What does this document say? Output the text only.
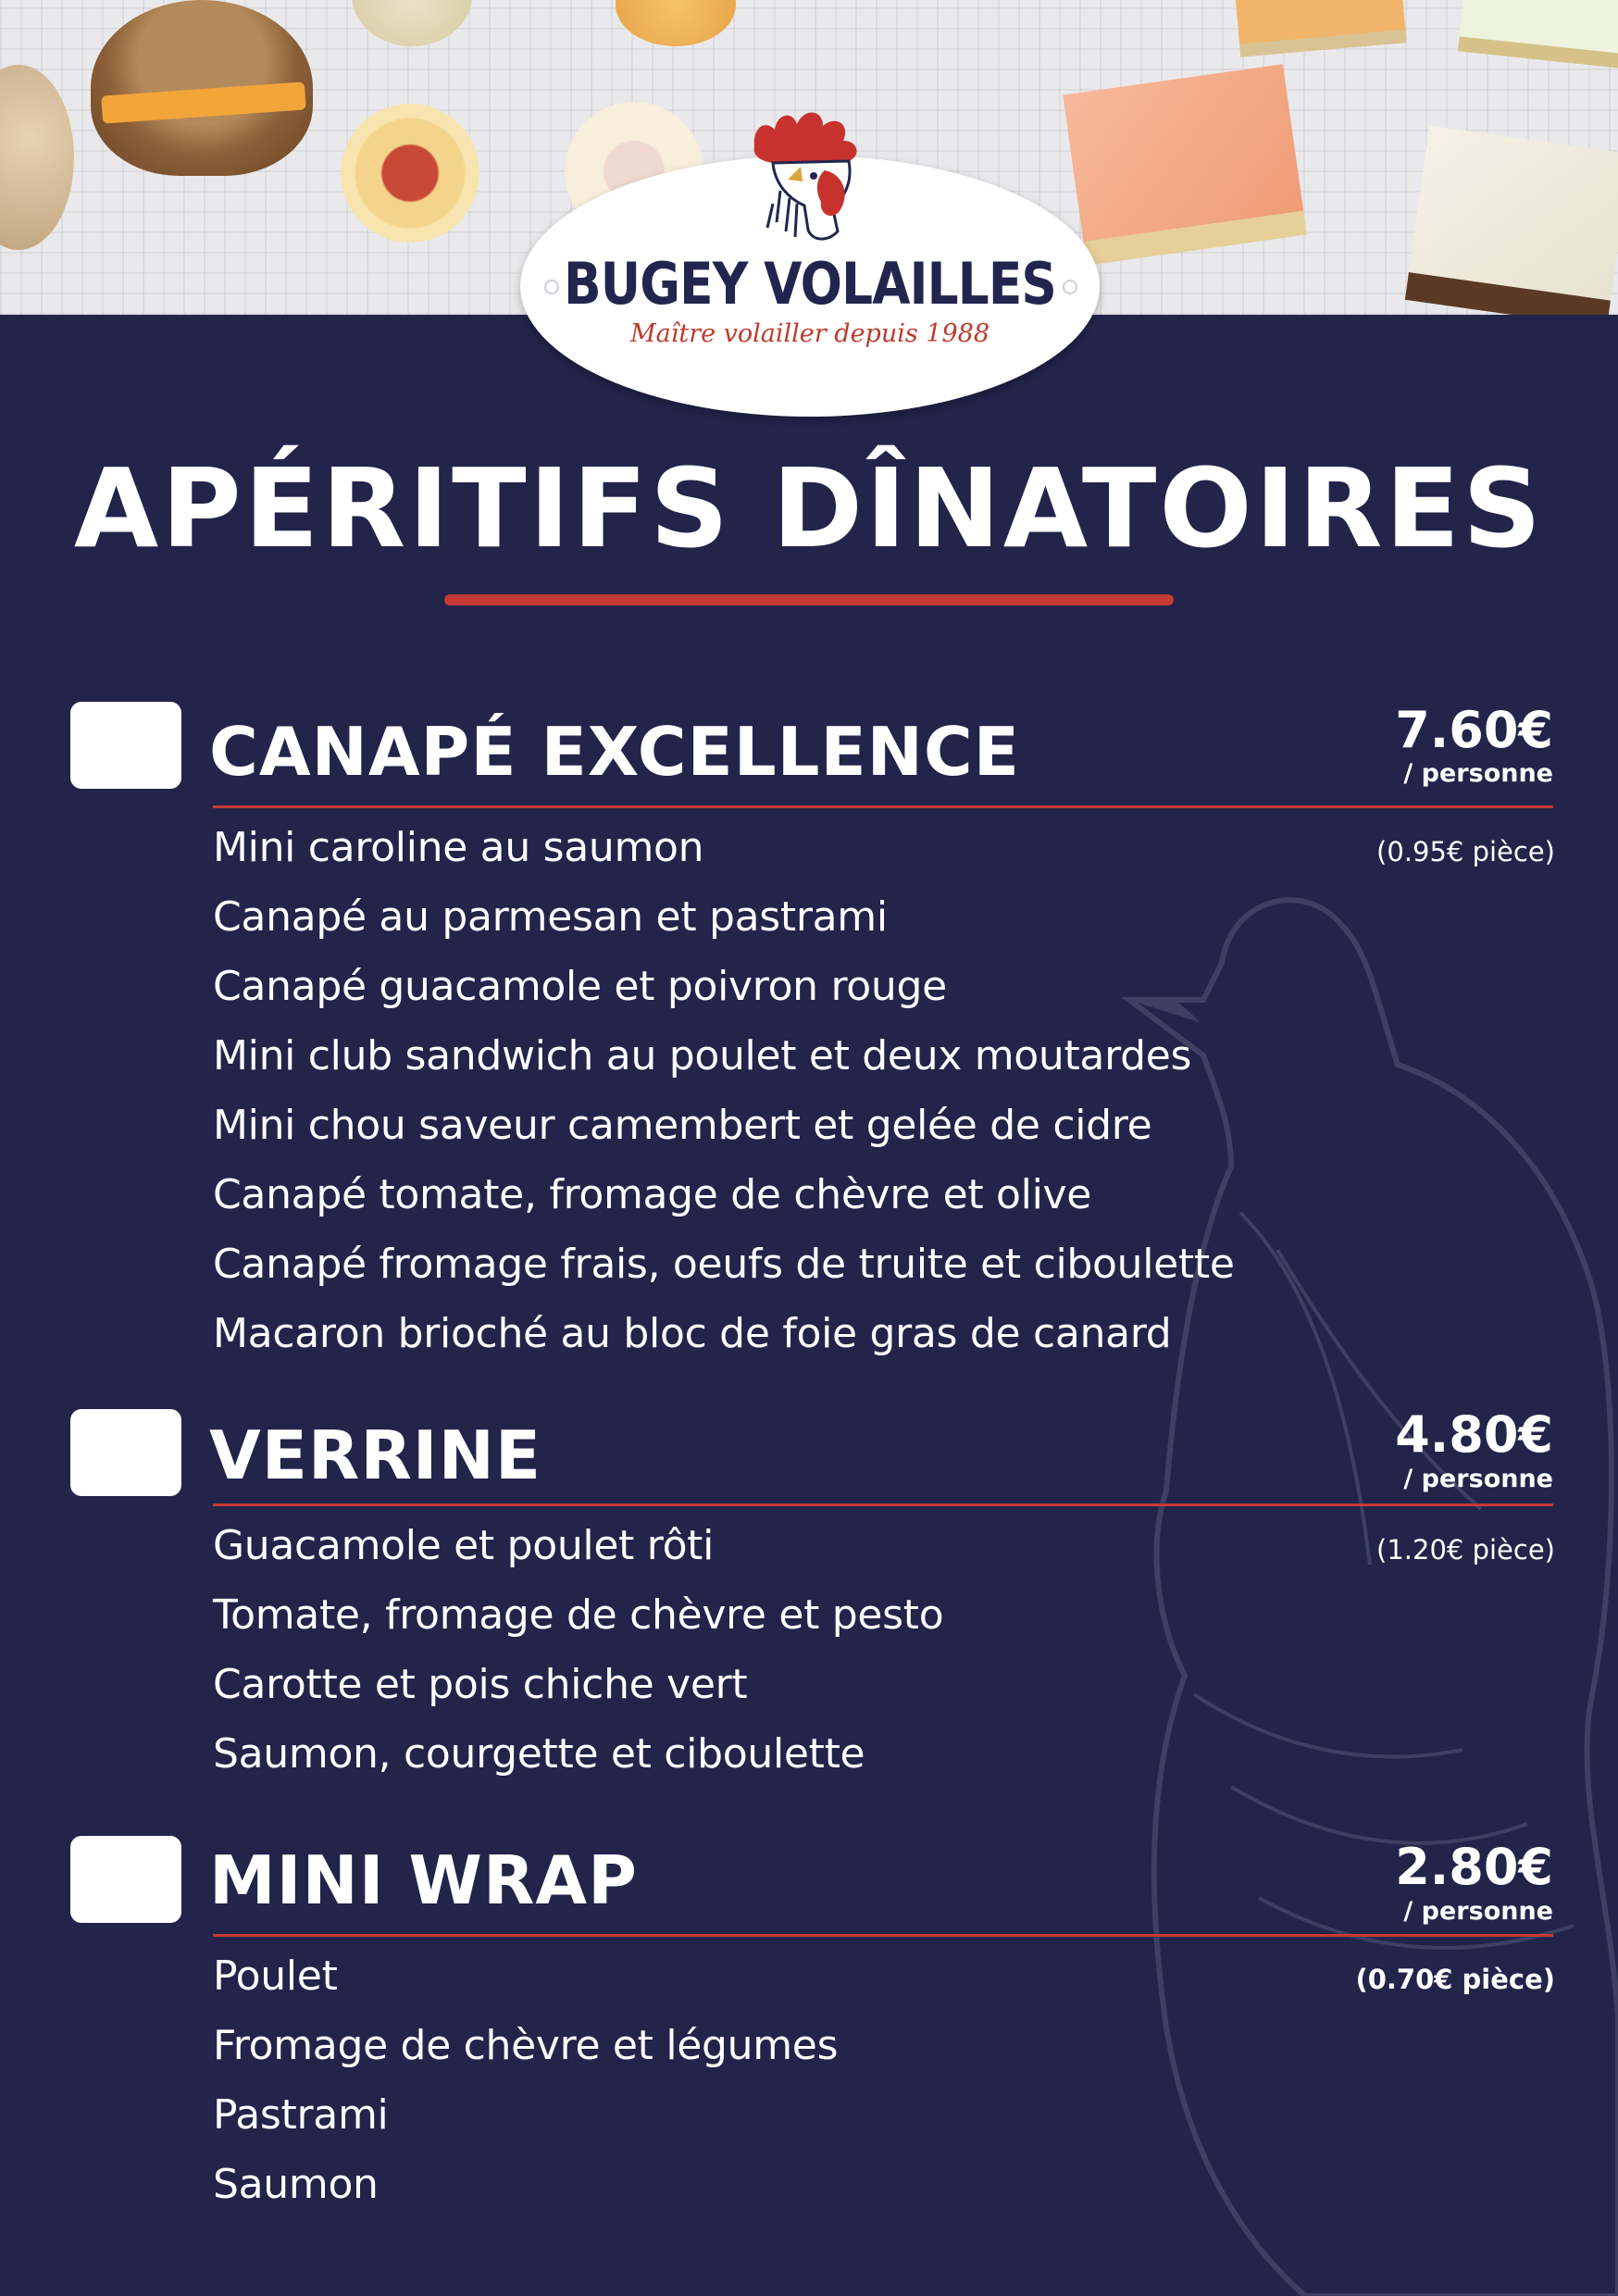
BUGEY VOLAILLES
Maître volailler depuis 1988
APÉRITIFS DÎNATOIRES
CANAPÉ EXCELLENCE	7.60€
/ personne
(0.95€ pièce)
Mini caroline au saumon
Canapé au parmesan et pastrami
Canapé guacamole et poivron rouge
Mini club sandwich au poulet et deux moutardes
Mini chou saveur camembert et gelée de cidre
Canapé tomate, fromage de chèvre et olive
Canapé fromage frais, oeufs de truite et ciboulette
Macaron brioché au bloc de foie gras de canard
VERRINE	4.80€
/ personne
(1.20€ pièce)
Guacamole et poulet rôti
Tomate, fromage de chèvre et pesto
Carotte et pois chiche vert
Saumon, courgette et ciboulette
MINI WRAP	2.80€
/ personne
(0.70€ pièce)
Poulet
Fromage de chèvre et légumes
Pastrami
Saumon
